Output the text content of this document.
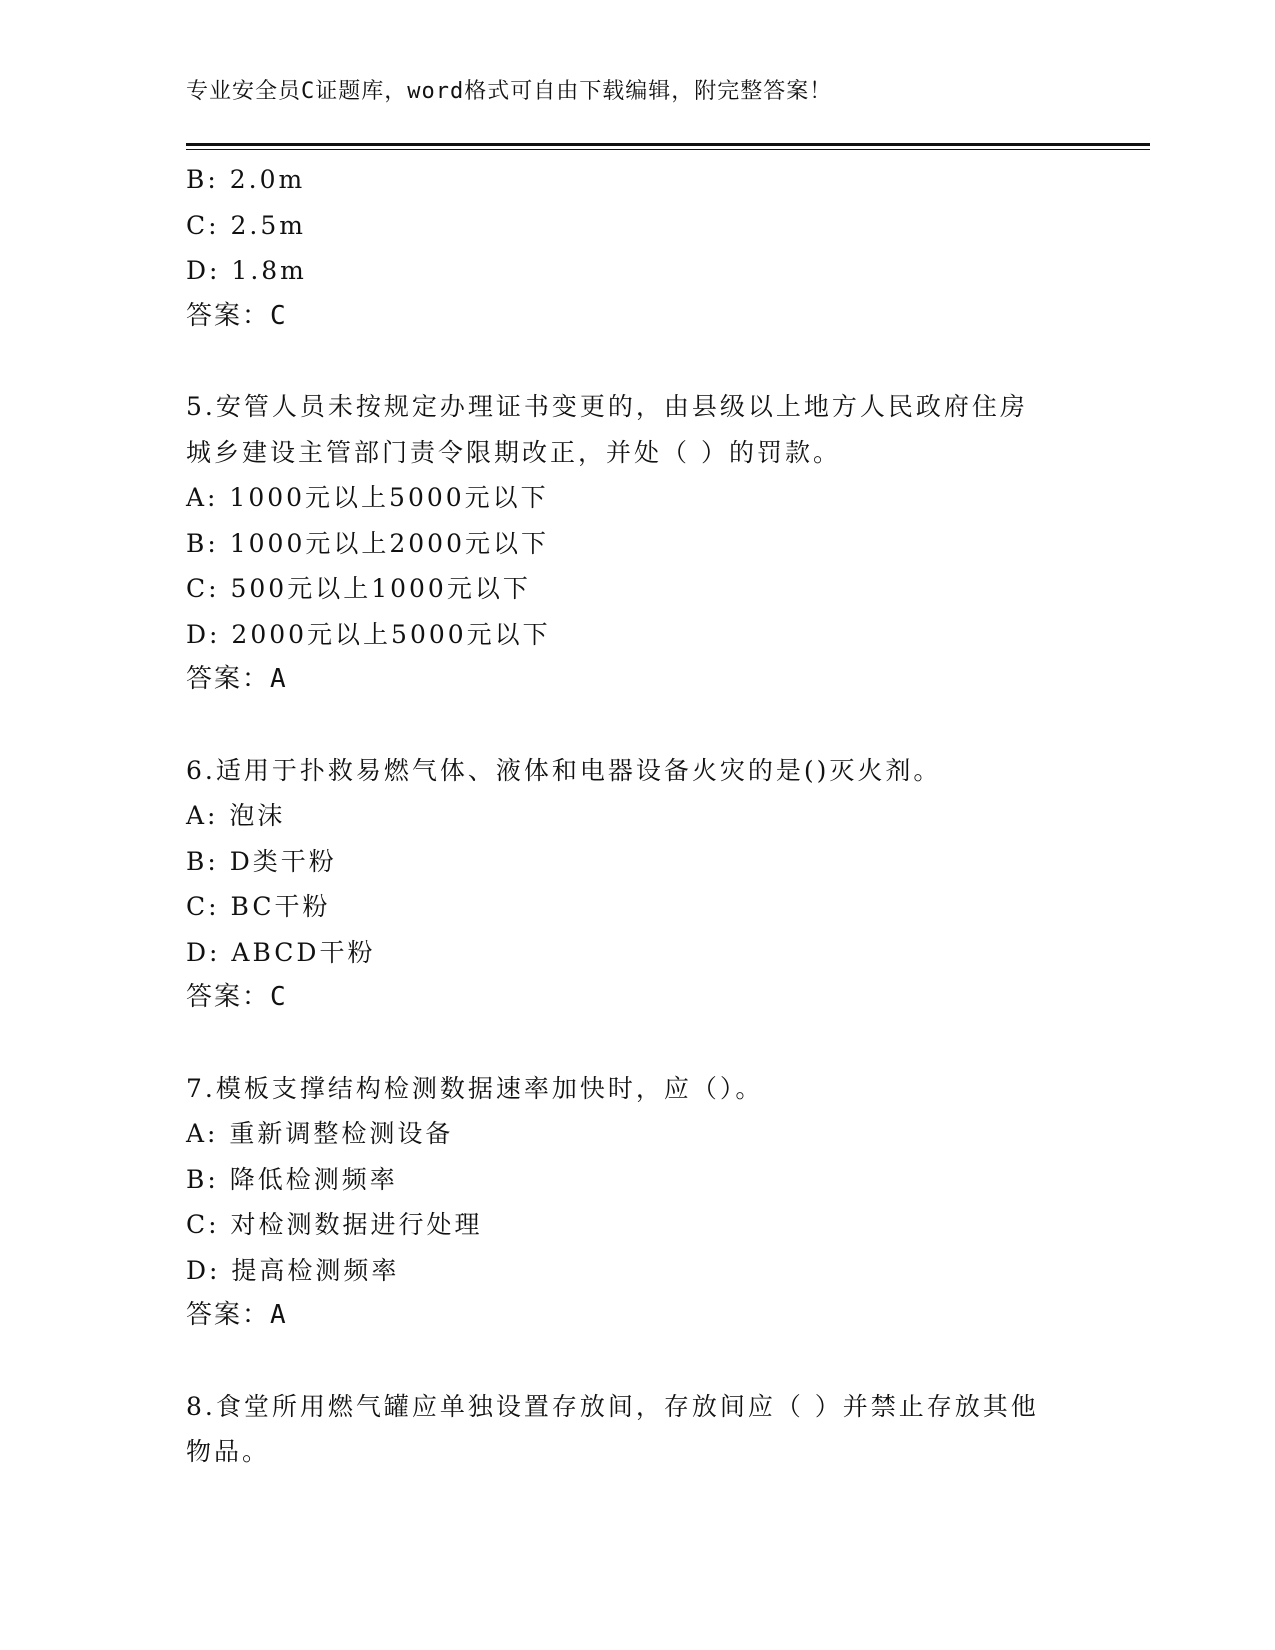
专业安全员C证题库，word格式可自由下载编辑，附完整答案！
B: 2.0m
C: 2.5m
D: 1.8m
答案：C
5.安管人员未按规定办理证书变更的，由县级以上地方人民政府住房
城乡建设主管部门责令限期改正，并处（ ）的罚款。
A: 1000元以上5000元以下
B: 1000元以上2000元以下
C: 500元以上1000元以下
D: 2000元以上5000元以下
答案：A
6.适用于扑救易燃气体、液体和电器设备火灾的是()灭火剂。
A: 泡沫
B: D类干粉
C: BC干粉
D: ABCD干粉
答案：C
7.模板支撑结构检测数据速率加快时，应（）。
A: 重新调整检测设备
B: 降低检测频率
C: 对检测数据进行处理
D: 提高检测频率
答案：A
8.食堂所用燃气罐应单独设置存放间，存放间应（ ）并禁止存放其他
物品。
